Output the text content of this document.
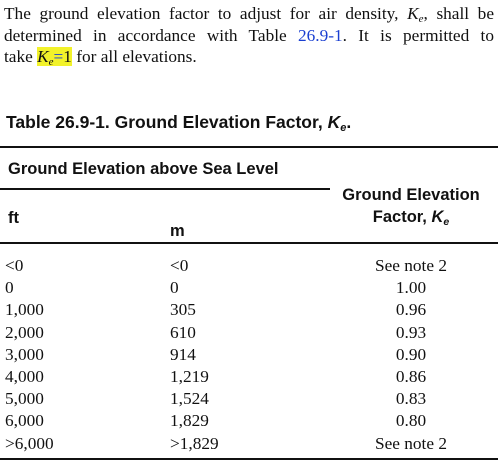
The ground elevation factor to adjust for air density, $K_e$, shall be
determined in accordance with Table 26.9-1. It is permitted to
take $K_e=1$ for all elevations.
Table 26.9-1. Ground Elevation Factor, $K_e$.
Ground Elevation above Sea Level
Ground Elevation
Factor, $K_e$
ft
m
<0	<0	See note 2
0	0	1.00
1,000	305	0.96
2,000	610	0.93
3,000	914	0.90
4,000	1,219	0.86
5,000	1,524	0.83
6,000	1,829	0.80
>6,000	>1,829	See note 2
